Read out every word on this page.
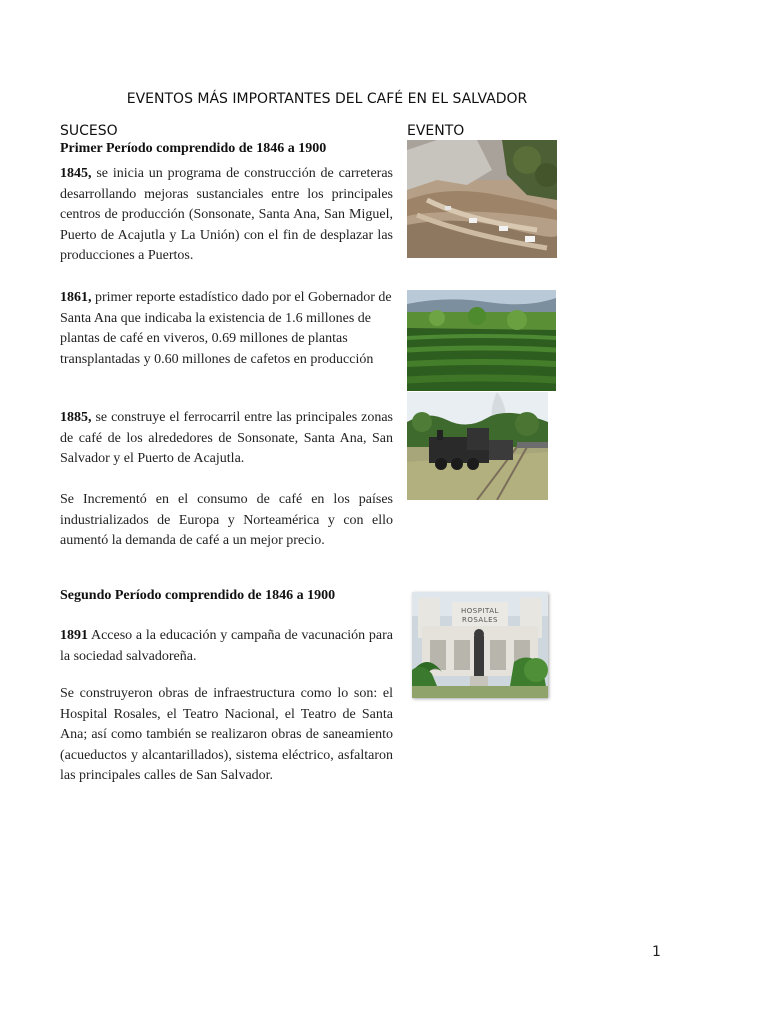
EVENTOS MÁS IMPORTANTES DEL CAFÉ EN EL SALVADOR
SUCESO	EVENTO
Primer Período comprendido de 1846 a 1900
1845, se inicia un programa de construcción de carreteras desarrollando mejoras sustanciales entre los principales centros de producción (Sonsonate, Santa Ana, San Miguel, Puerto de Acajutla y La Unión) con el fin de desplazar las producciones a Puertos.
1861, primer reporte estadístico dado por el Gobernador de Santa Ana que indicaba la existencia de 1.6 millones de plantas de café en viveros, 0.69 millones de plantas transplantadas y 0.60 millones de cafetos en producción
1885, se construye el ferrocarril entre las principales zonas de café de los alrededores de Sonsonate, Santa Ana, San Salvador y el Puerto de Acajutla.
Se Incrementó en el consumo de café en los países industrializados de Europa y Norteamérica y con ello aumentó la demanda de café a un mejor precio.
Segundo Período comprendido de 1846 a 1900
1891 Acceso a la educación y campaña de vacunación para la sociedad salvadoreña.
Se construyeron obras de infraestructura como lo son: el Hospital Rosales, el Teatro Nacional, el Teatro de Santa Ana; así como también se realizaron obras de saneamiento (acueductos y alcantarillados), sistema eléctrico, asfaltaron las principales calles de San Salvador.
HOSPITAL ROSALES
1
